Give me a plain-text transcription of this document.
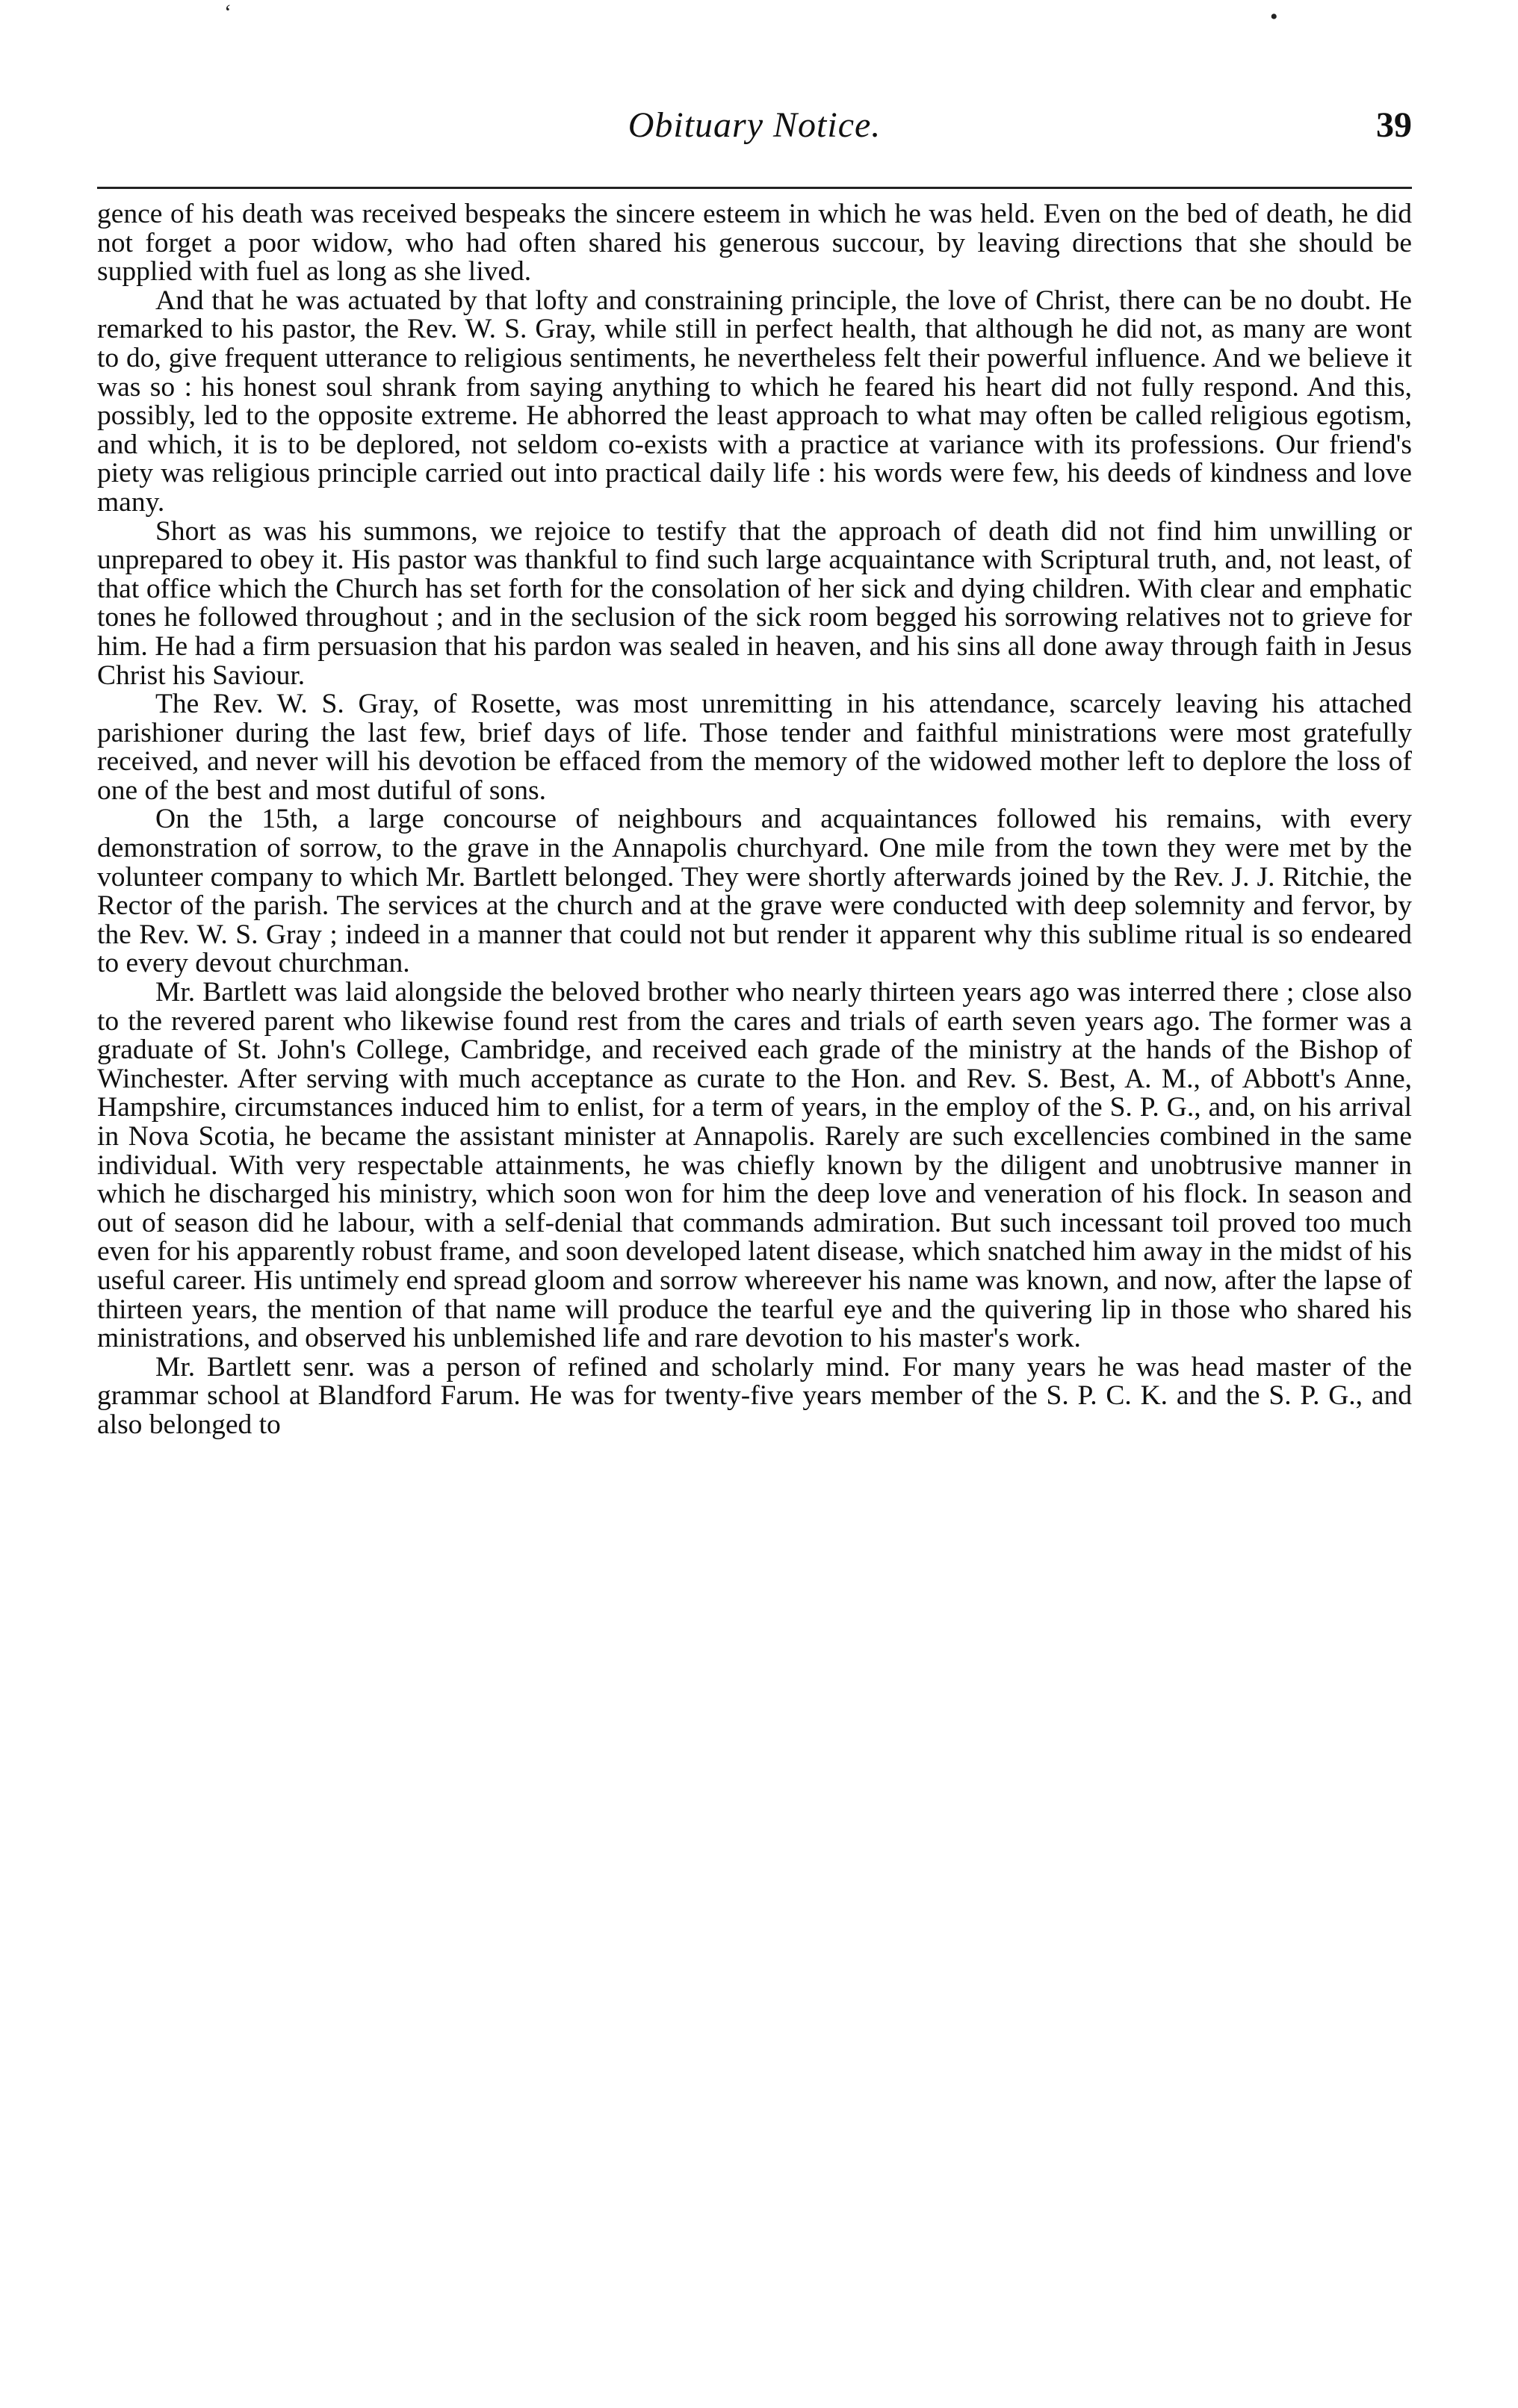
‘	•
Obituary Notice.	39

gence of his death was received bespeaks the sincere esteem in which he was held. Even on the bed of death, he did not forget a poor widow, who had often shared his generous succour, by leaving directions that she should be supplied with fuel as long as she lived.

And that he was actuated by that lofty and constraining principle, the love of Christ, there can be no doubt. He remarked to his pastor, the Rev. W. S. Gray, while still in perfect health, that although he did not, as many are wont to do, give frequent utterance to religious sentiments, he nevertheless felt their powerful influence. And we believe it was so : his honest soul shrank from saying anything to which he feared his heart did not fully respond. And this, possibly, led to the opposite extreme. He abhorred the least approach to what may often be called religious egotism, and which, it is to be deplored, not seldom co-exists with a practice at variance with its professions. Our friend's piety was religious principle carried out into practical daily life : his words were few, his deeds of kindness and love many.

Short as was his summons, we rejoice to testify that the approach of death did not find him unwilling or unprepared to obey it. His pastor was thankful to find such large acquaintance with Scriptural truth, and, not least, of that office which the Church has set forth for the consolation of her sick and dying children. With clear and emphatic tones he followed throughout ; and in the seclusion of the sick room begged his sorrowing relatives not to grieve for him. He had a firm persuasion that his pardon was sealed in heaven, and his sins all done away through faith in Jesus Christ his Saviour.

The Rev. W. S. Gray, of Rosette, was most unremitting in his attendance, scarcely leaving his attached parishioner during the last few, brief days of life. Those tender and faithful ministrations were most gratefully received, and never will his devotion be effaced from the memory of the widowed mother left to deplore the loss of one of the best and most dutiful of sons.

On the 15th, a large concourse of neighbours and acquaintances followed his remains, with every demonstration of sorrow, to the grave in the Annapolis churchyard. One mile from the town they were met by the volunteer company to which Mr. Bartlett belonged. They were shortly afterwards joined by the Rev. J. J. Ritchie, the Rector of the parish. The services at the church and at the grave were conducted with deep solemnity and fervor, by the Rev. W. S. Gray ; indeed in a manner that could not but render it apparent why this sublime ritual is so endeared to every devout churchman.

Mr. Bartlett was laid alongside the beloved brother who nearly thirteen years ago was interred there ; close also to the revered parent who likewise found rest from the cares and trials of earth seven years ago. The former was a graduate of St. John's College, Cambridge, and received each grade of the ministry at the hands of the Bishop of Winchester. After serving with much acceptance as curate to the Hon. and Rev. S. Best, A. M., of Abbott's Anne, Hampshire, circumstances induced him to enlist, for a term of years, in the employ of the S. P. G., and, on his arrival in Nova Scotia, he became the assistant minister at Annapolis. Rarely are such excellencies combined in the same individual. With very respectable attainments, he was chiefly known by the diligent and unobtrusive manner in which he discharged his ministry, which soon won for him the deep love and veneration of his flock. In season and out of season did he labour, with a self-denial that commands admiration. But such incessant toil proved too much even for his apparently robust frame, and soon developed latent disease, which snatched him away in the midst of his useful career. His untimely end spread gloom and sorrow whereever his name was known, and now, after the lapse of thirteen years, the mention of that name will produce the tearful eye and the quivering lip in those who shared his ministrations, and observed his unblemished life and rare devotion to his master's work.

Mr. Bartlett senr. was a person of refined and scholarly mind. For many years he was head master of the grammar school at Blandford Farum. He was for twenty-five years member of the S. P. C. K. and the S. P. G., and also belonged to
